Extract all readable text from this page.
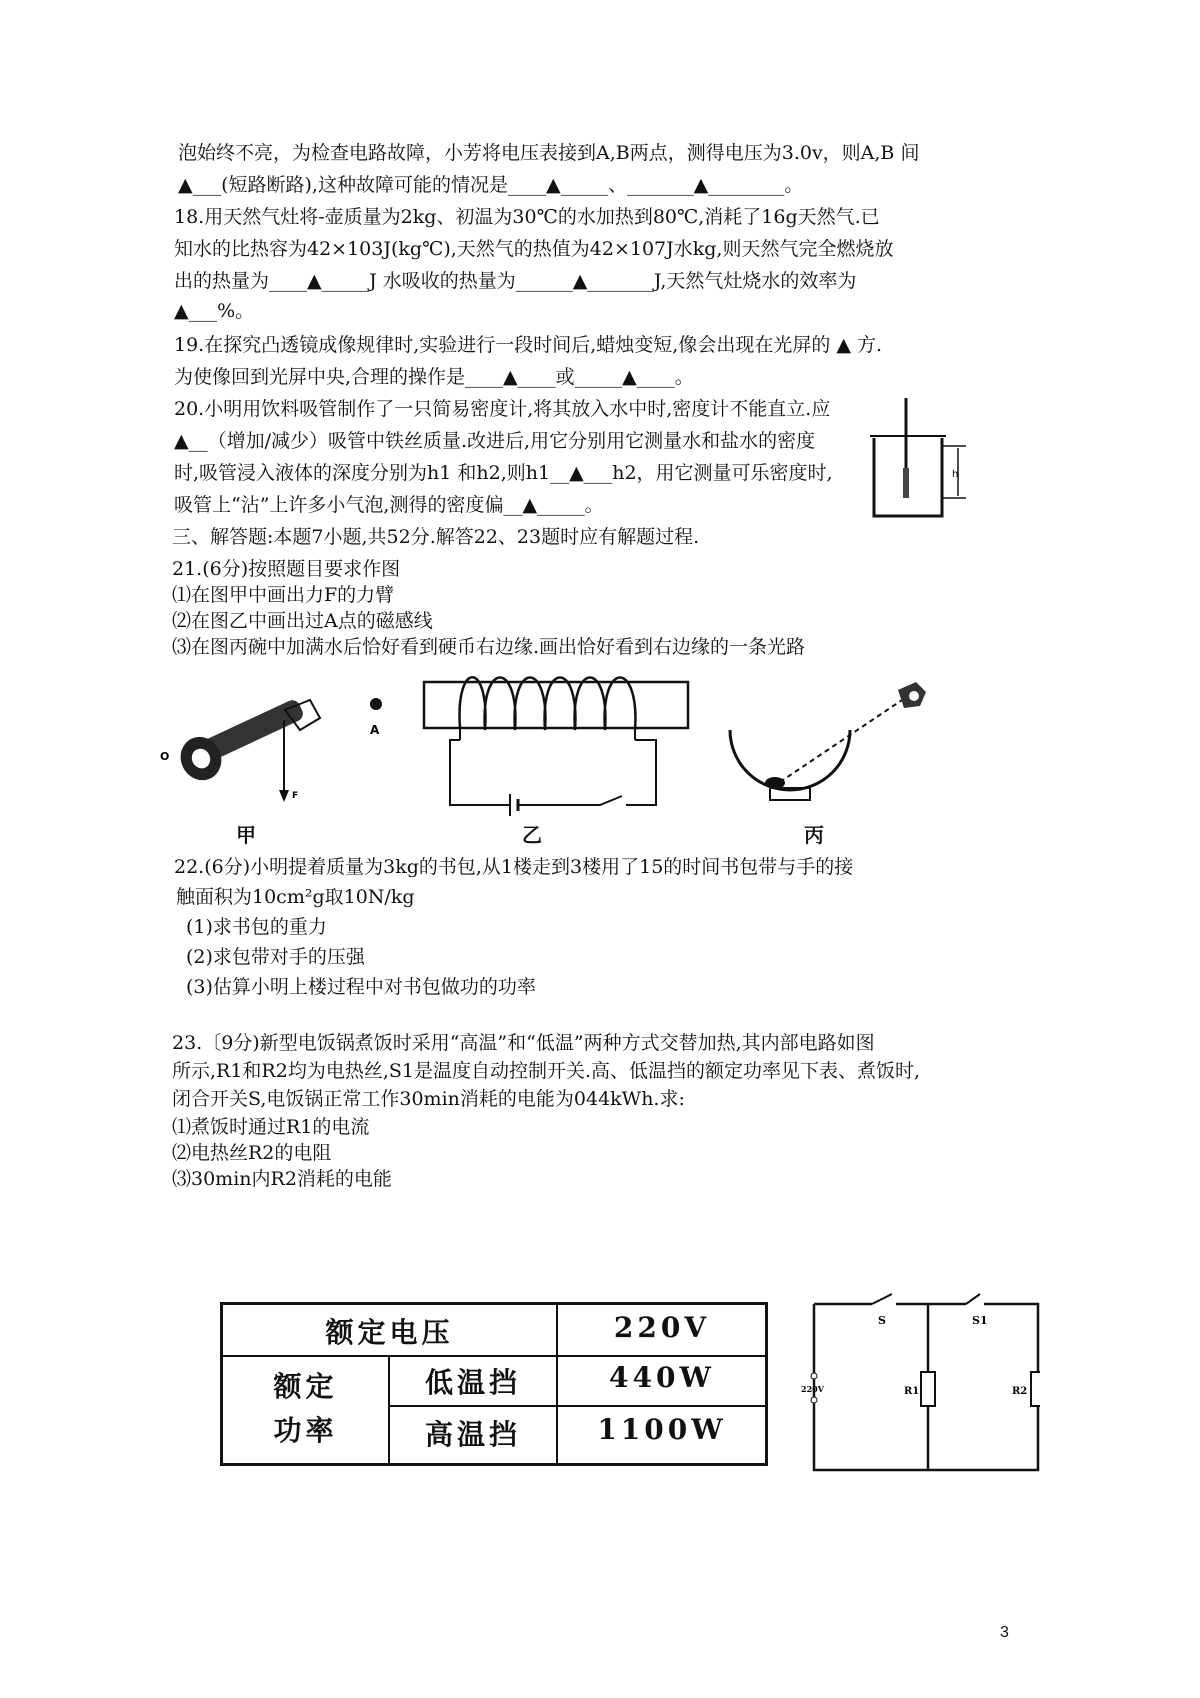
泡始终不亮，为检查电路故障，小芳将电压表接到A,B两点，测得电压为3.0v，则A,B 间
▲___(短路断路),这种故障可能的情况是____▲_____、_______▲________。
18.用天然气灶将-壶质量为2kg、初温为30℃的水加热到80℃,消耗了16g天然气.已
知水的比热容为42×103J(kg℃),天然气的热值为42×107J水kg,则天然气完全燃烧放
出的热量为____▲_____J 水吸收的热量为______▲_______J,天然气灶烧水的效率为
▲___%。
19.在探究凸透镜成像规律时,实验进行一段时间后,蜡烛变短,像会出现在光屏的 ▲ 方.
为使像回到光屏中央,合理的操作是____▲____或_____▲____。
20.小明用饮料吸管制作了一只简易密度计,将其放入水中时,密度计不能直立.应
▲__（增加/减少）吸管中铁丝质量.改进后,用它分别用它测量水和盐水的密度
时,吸管浸入液体的深度分别为h1 和h2,则h1__▲___h2，用它测量可乐密度时,
吸管上“沾”上许多小气泡,测得的密度偏__▲_____。
三、解答题:本题7小题,共52分.解答22、23题时应有解题过程.
21.(6分)按照题目要求作图
⑴在图甲中画出力F的力臂
⑵在图乙中画出过A点的磁感线
⑶在图丙碗中加满水后恰好看到硬币右边缘.画出恰好看到右边缘的一条光路
22.(6分)小明提着质量为3kg的书包,从1楼走到3楼用了15的时间书包带与手的接
触面积为10cm²g取10N/kg
(1)求书包的重力
(2)求包带对手的压强
(3)估算小明上楼过程中对书包做功的功率
23.〔9分)新型电饭锅煮饭时采用“高温”和“低温”两种方式交替加热,其内部电路如图
所示,R1和R2均为电热丝,S1是温度自动控制开关.高、低温挡的额定功率见下表、煮饭时,
闭合开关S,电饭锅正常工作30min消耗的电能为044kWh.求:
⑴煮饭时通过R1的电流
⑵电热丝R2的电阻
⑶30min内R2消耗的电能
h
O
F
A
甲	乙	丙
额定电压	220V
额定
功率
低温挡	440W
高温挡	1100W
S	S1
220V	R1	R2
3
